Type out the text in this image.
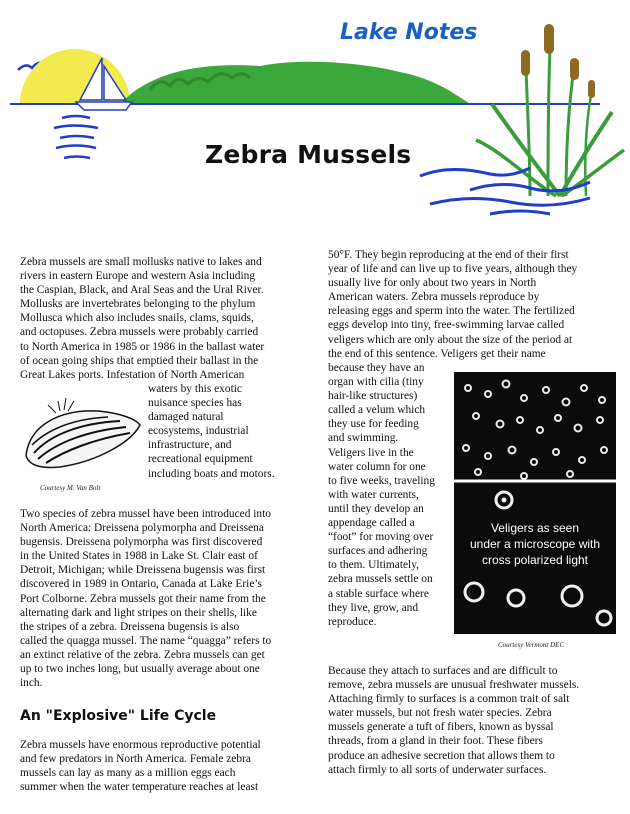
Lake Notes
Zebra Mussels

Zebra mussels are small mollusks native to lakes and

rivers in eastern Europe and western Asia including

the Caspian, Black, and Aral Seas and the Ural River.

Mollusks are invertebrates belonging to the phylum

Mollusca which also includes snails, clams, squids,

and octopuses. Zebra mussels were probably carried

to North America in 1985 or 1986 in the ballast water

of ocean going ships that emptied their ballast in the

Great Lakes ports. Infestation of North American

waters by this exotic

nuisance species has

damaged natural

ecosystems, industrial

infrastructure, and

recreational equipment

including boats and motors.

Courtesy M. Van Bolt

Two species of zebra mussel have been introduced into

North America: Dreissena polymorpha and Dreissena

bugensis. Dreissena polymorpha was first discovered

in the United States in 1988 in Lake St. Clair east of

Detroit, Michigan; while Dreissena bugensis was first

discovered in 1989 in Ontario, Canada at Lake Erie’s

Port Colborne. Zebra mussels got their name from the

alternating dark and light stripes on their shells, like

the stripes of a zebra. Dreissena bugensis is also

called the quagga mussel. The name “quagga” refers to

an extinct relative of the zebra. Zebra mussels can get

up to two inches long, but usually average about one

inch.

An "Explosive" Life Cycle

Zebra mussels have enormous reproductive potential

and few predators in North America. Female zebra

mussels can lay as many as a million eggs each

summer when the water temperature reaches at least

50°F. They begin reproducing at the end of their first

year of life and can live up to five years, although they

usually live for only about two years in North

American waters. Zebra mussels reproduce by

releasing eggs and sperm into the water. The fertilized

eggs develop into tiny, free-swimming larvae called

veligers which are only about the size of the period at

the end of this sentence. Veligers get their name

because they have an

organ with cilia (tiny

hair-like structures)

called a velum which

they use for feeding

and swimming.

Veligers live in the

water column for one

to five weeks, traveling

with water currents,

until they develop an

appendage called a

“foot” for moving over

surfaces and adhering

to them. Ultimately,

zebra mussels settle on

a stable surface where

they live, grow, and

reproduce.

Veligers as seen
under a microscope with
cross polarized light
Courtesy Vermont DEC

Because they attach to surfaces and are difficult to

remove, zebra mussels are unusual freshwater mussels.

Attaching firmly to surfaces is a common trait of salt

water mussels, but not fresh water species. Zebra

mussels generate a tuft of fibers, known as byssal

threads, from a gland in their foot. These fibers

produce an adhesive secretion that allows them to

attach firmly to all sorts of underwater surfaces.
